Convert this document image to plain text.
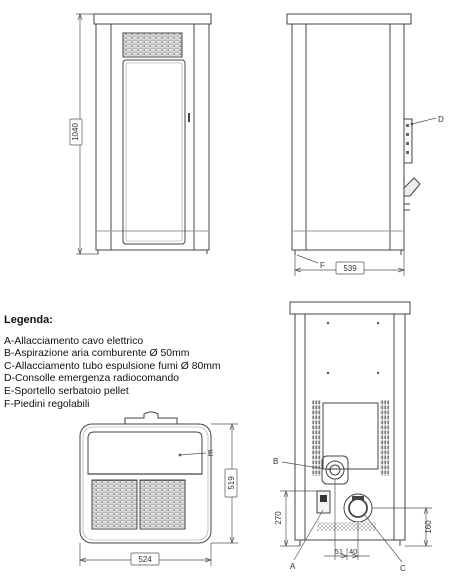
1040
D
F 539
E
524
519
B
A	C
270
160
51 40
Legenda:
A-Allacciamento cavo elettrico
B-Aspirazione aria comburente Ø 50mm
C-Allacciamento tubo espulsione fumi Ø 80mm
D-Consolle emergenza radiocomando
E-Sportello serbatoio pellet
F-Piedini regolabili
